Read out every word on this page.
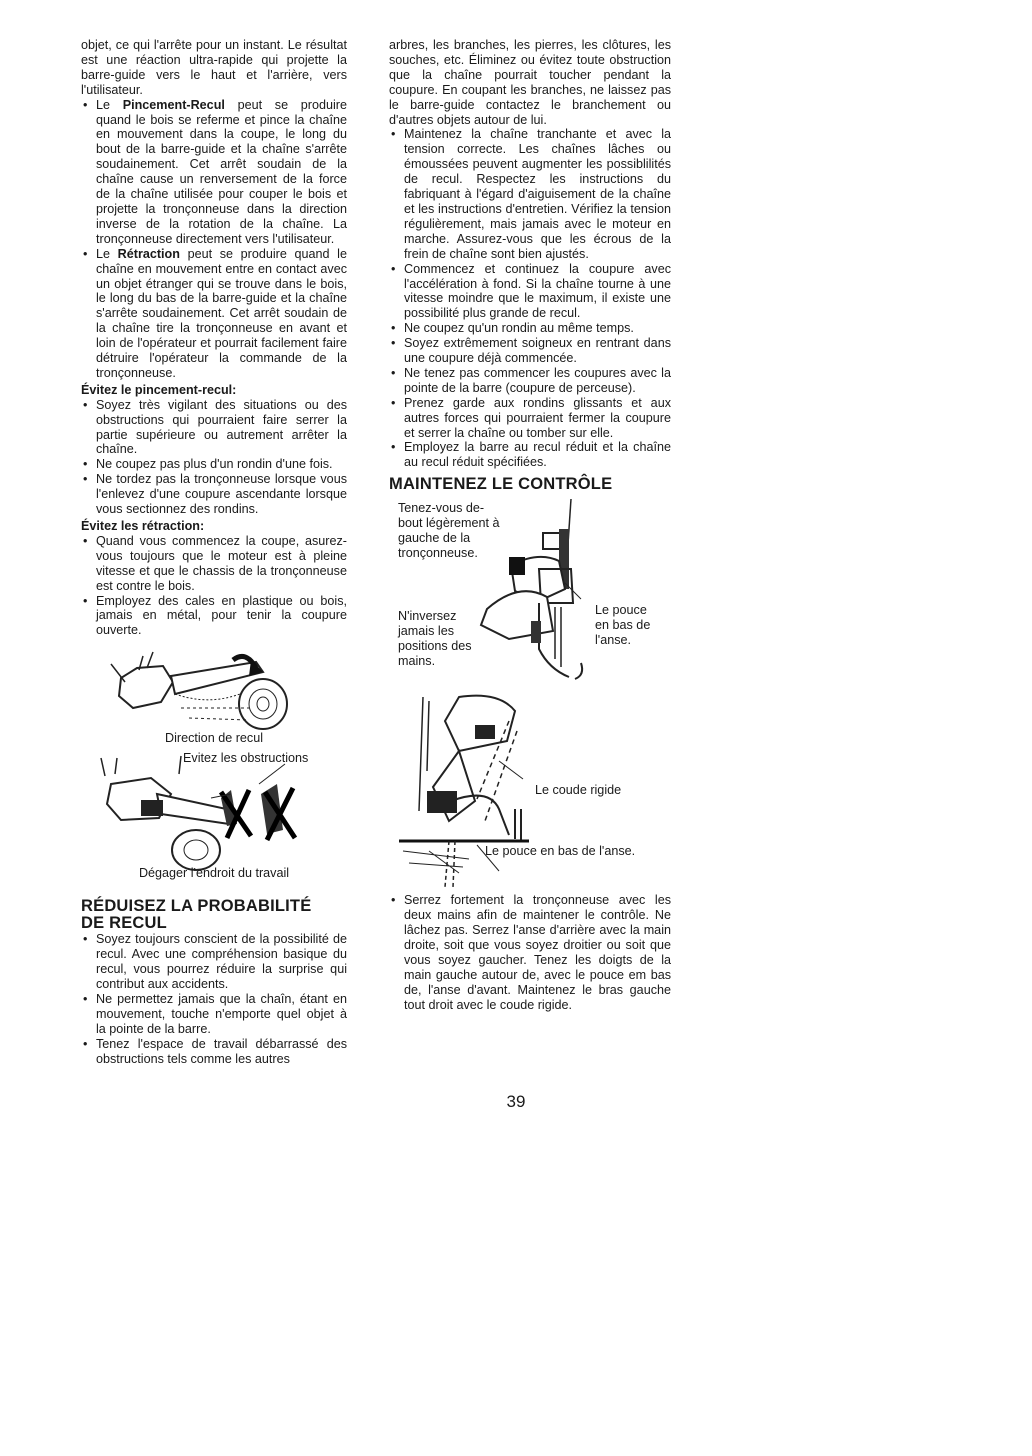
objet, ce qui l'arrête pour un instant. Le résultat est une réaction ultra-rapide qui projette la barre-guide vers le haut et l'arrière, vers l'utilisateur.

• Le Pincement-Recul peut se produire quand le bois se referme et pince la chaîne en mouvement dans la coupe, le long du bout de la barre-guide et la chaîne s'arrête soudainement. Cet arrêt soudain de la chaîne cause un renversement de la force de la chaîne utilisée pour couper le bois et projette la tronçonneuse dans la direction inverse de la rotation de la chaîne. La tronçonneuse directement vers l'utilisateur.
• Le Rétraction peut se produire quand le chaîne en mouvement entre en contact avec un objet étranger qui se trouve dans le bois, le long du bas de la barre-guide et la chaîne s'arrête soudainement. Cet arrêt soudain de la chaîne tire la tronçonneuse en avant et loin de l'opérateur et pourrait facilement faire détruire l'opérateur la commande de la tronçonneuse.

Évitez le pincement-recul:

• Soyez très vigilant des situations ou des obstructions qui pourraient faire serrer la partie supérieure ou autrement arrêter la chaîne.
• Ne coupez pas plus d'un rondin d'une fois.
• Ne tordez pas la tronçonneuse lorsque vous l'enlevez d'une coupure ascendante lorsque vous sectionnez des rondins.

Évitez les rétraction:

• Quand vous commencez la coupe, asurez-vous toujours que le moteur est à pleine vitesse et que le chassis de la tronçonneuse est contre le bois.
• Employez des cales en plastique ou bois, jamais en métal, pour tenir la coupure ouverte.
Direction de recul
Evitez les obstructions
Dégager l'endroit du travail

RÉDUISEZ LA PROBABILITÉ

DE RECUL

• Soyez toujours conscient de la possibilité de recul. Avec une compréhension basique du recul, vous pourrez réduire la surprise qui contribut aux accidents.
• Ne permettez jamais que la chaîn, étant en mouvement, touche n'emporte quel objet à la pointe de la barre.
• Tenez l'espace de travail débarrassé des obstructions tels comme les autres

arbres, les branches, les pierres, les clôtures, les souches, etc. Éliminez ou évitez toute obstruction que la chaîne pourrait toucher pendant la coupure. En coupant les branches, ne laissez pas le barre-guide contactez le branchement ou d'autres objets autour de lui.

• Maintenez la chaîne tranchante et avec la tension correcte. Les chaînes lâches ou émoussées peuvent augmenter les possiblilités de recul. Respectez les instructions du fabriquant à l'égard d'aiguisement de la chaîne et les instructions d'entretien. Vérifiez la tension régulièrement, mais jamais avec le moteur en marche. Assurez-vous que les écrous de la frein de chaîne sont bien ajustés.
• Commencez et continuez la coupure avec l'accélération à fond. Si la chaîne tourne à une vitesse moindre que le maximum, il existe une possibilité plus grande de recul.
• Ne coupez qu'un rondin au même temps.
• Soyez extrêmement soigneux en rentrant dans une coupure déjà commencée.
• Ne tenez pas commencer les coupures avec la pointe de la barre (coupure de perceuse).
• Prenez garde aux rondins glissants et aux autres forces qui pourraient fermer la coupure et serrer la chaîne ou tomber sur elle.
• Employez la barre au recul réduit et la chaîne au recul réduit spécifiées.

MAINTENEZ LE CONTRÔLE

Tenez-vous de-
bout légèrement à
gauche de la
tronçonneuse.
N'inversez
jamais les
positions des
mains.
Le pouce
en bas de
l'anse.
Le coude rigide
Le pouce en bas de l'anse.
• Serrez fortement la tronçonneuse avec les deux mains afin de maintener le contrôle. Ne lâchez pas. Serrez l'anse d'arrière avec la main droite, soit que vous soyez droitier ou soit que vous soyez gaucher. Tenez les doigts de la main gauche autour de, avec le pouce em bas de, l'anse d'avant. Maintenez le bras gauche tout droit avec le coude rigide.
39
